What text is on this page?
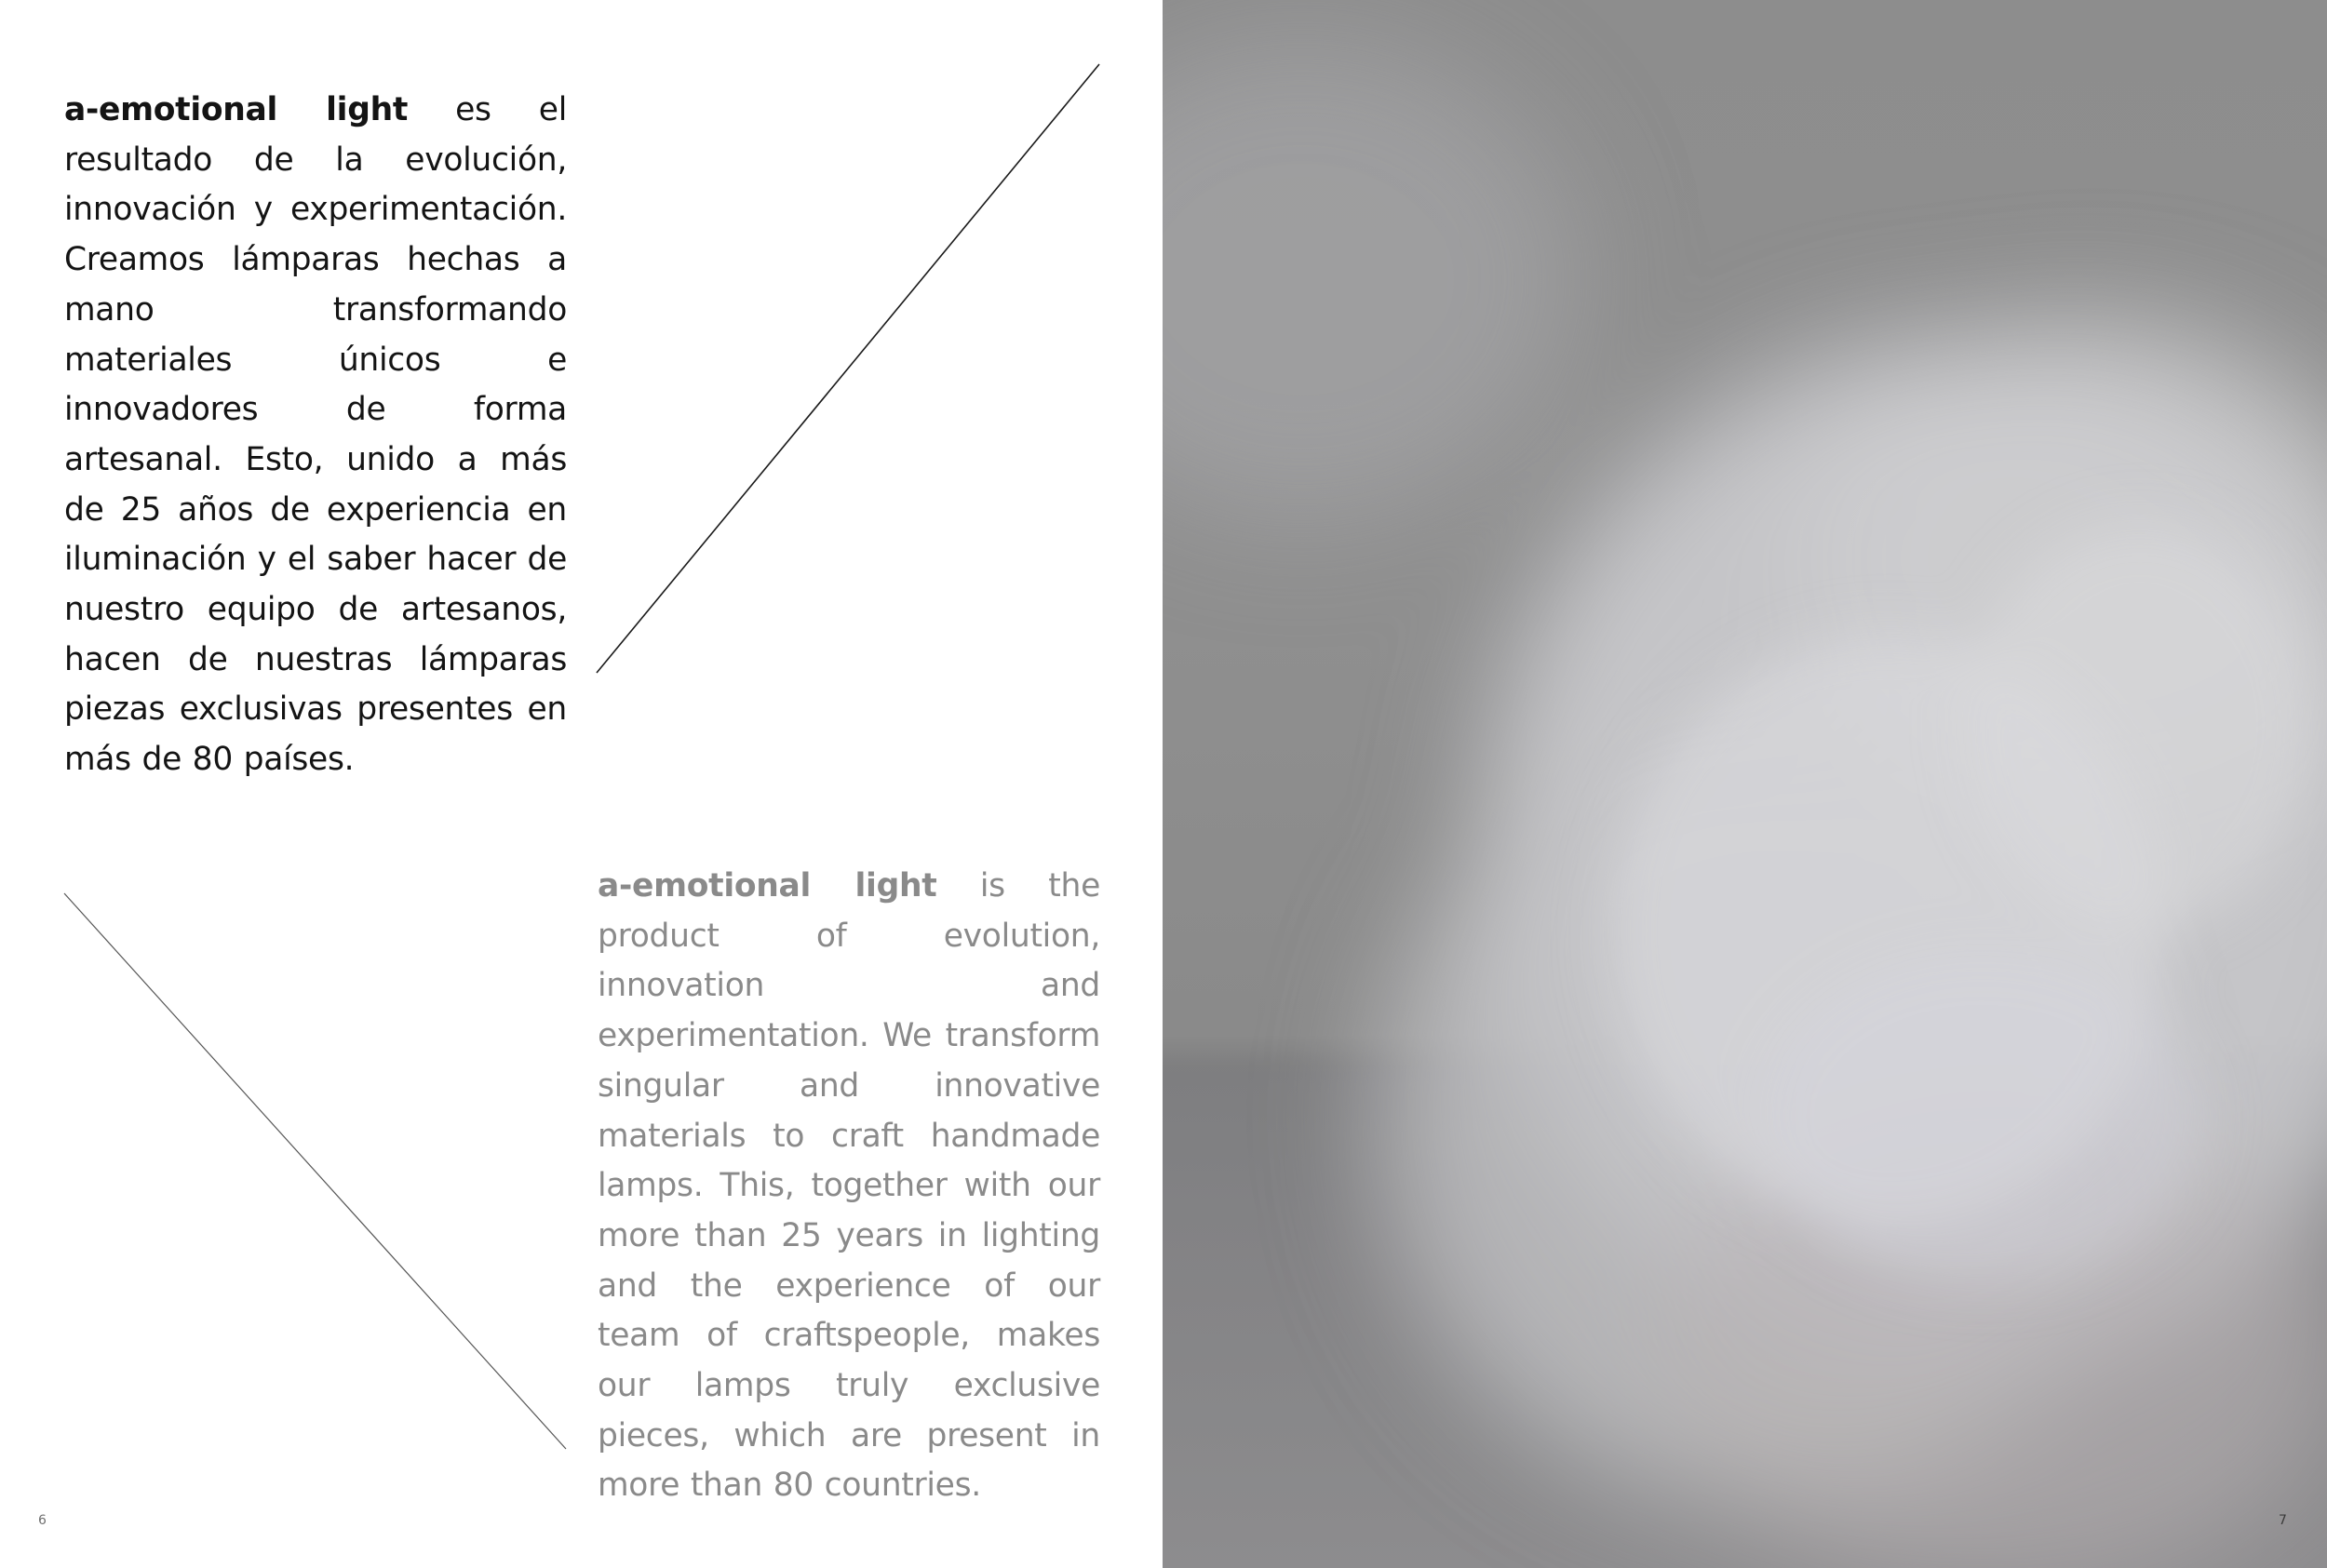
a-emotional light es el resultado de la evolución, innovación y experimentación. Creamos lámparas hechas a mano transformando materiales únicos e innovadores de forma artesanal. Esto, unido a más de 25 años de experiencia en iluminación y el saber hacer de nuestro equipo de artesanos, hacen de nuestras lámparas piezas exclusivas presentes en más de 80 países.
a-emotional light is the product of evolution, innovation and experimentation. We transform singular and innovative materials to craft handmade lamps. This, together with our more than 25 years in lighting and the experience of our team of craftspeople, makes our lamps truly exclusive pieces, which are present in more than 80 countries.
6	7
